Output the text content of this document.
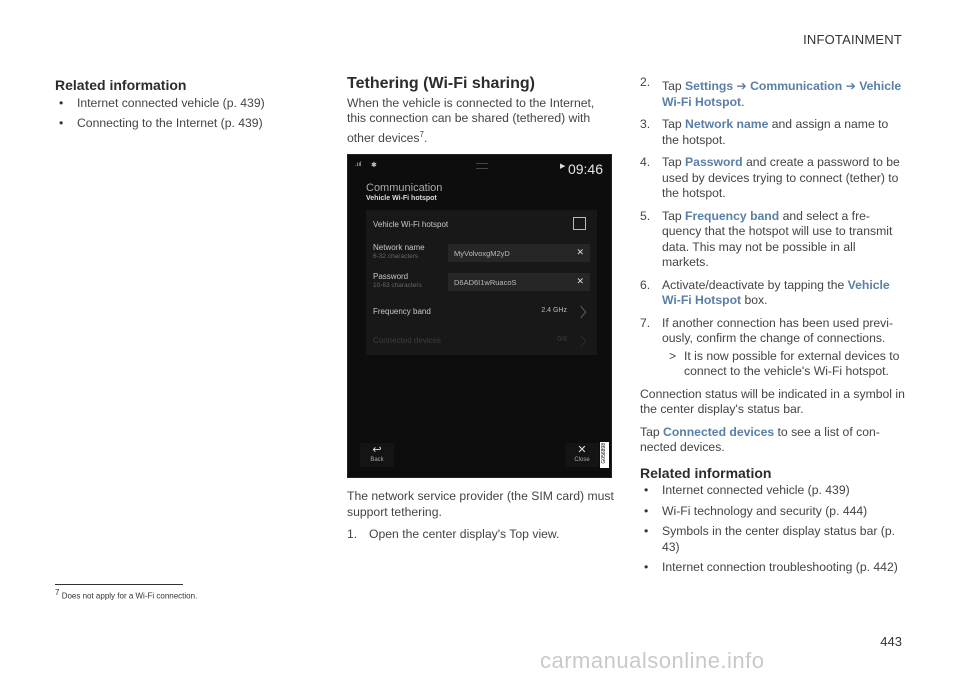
INFOTAINMENT
Related information
• Internet connected vehicle (p. 439)
• Connecting to the Internet (p. 439)
Tethering (Wi-Fi sharing)

When the vehicle is connected to the Internet, this connection can be shared (tethered) with other devices$^7$.

.ııl ✱	▶ 09:46
Communication
Vehicle Wi-Fi hotspot
Vehicle Wi-Fi hotspot
Network name
6-32 characters	MyVolvoxgM2yD	✕
Password
10-63 characters	D6AD6I1wRuacoS	✕
Frequency band	2.4 GHz 〉
Connected devices	0/8 〉
↩
Back
✕
Close	G056898

The network service provider (the SIM card) must support tethering.

1. Open the center display's Top view.
2. Tap Settings ➔ Communication ➔ Vehicle Wi-Fi Hotspot.
3. Tap Network name and assign a name to the hotspot.
4. Tap Password and create a password to be used by devices trying to connect (tether) to the hotspot.
5. Tap Frequency band and select a fre-quency that the hotspot will use to transmit data. This may not be possible in all markets.
6. Activate/deactivate by tapping the Vehicle Wi-Fi Hotspot box.
7. If another connection has been used previ-ously, confirm the change of connections.
> It is now possible for external devices to connect to the vehicle's Wi-Fi hotspot.

Connection status will be indicated in a symbol in the center display's status bar.

Tap Connected devices to see a list of con-nected devices.

Related information
• Internet connected vehicle (p. 439)
• Wi-Fi technology and security (p. 444)
• Symbols in the center display status bar (p. 43)
• Internet connection troubleshooting (p. 442)
$^7$ Does not apply for a Wi-Fi connection.
443
carmanualsonline.info
